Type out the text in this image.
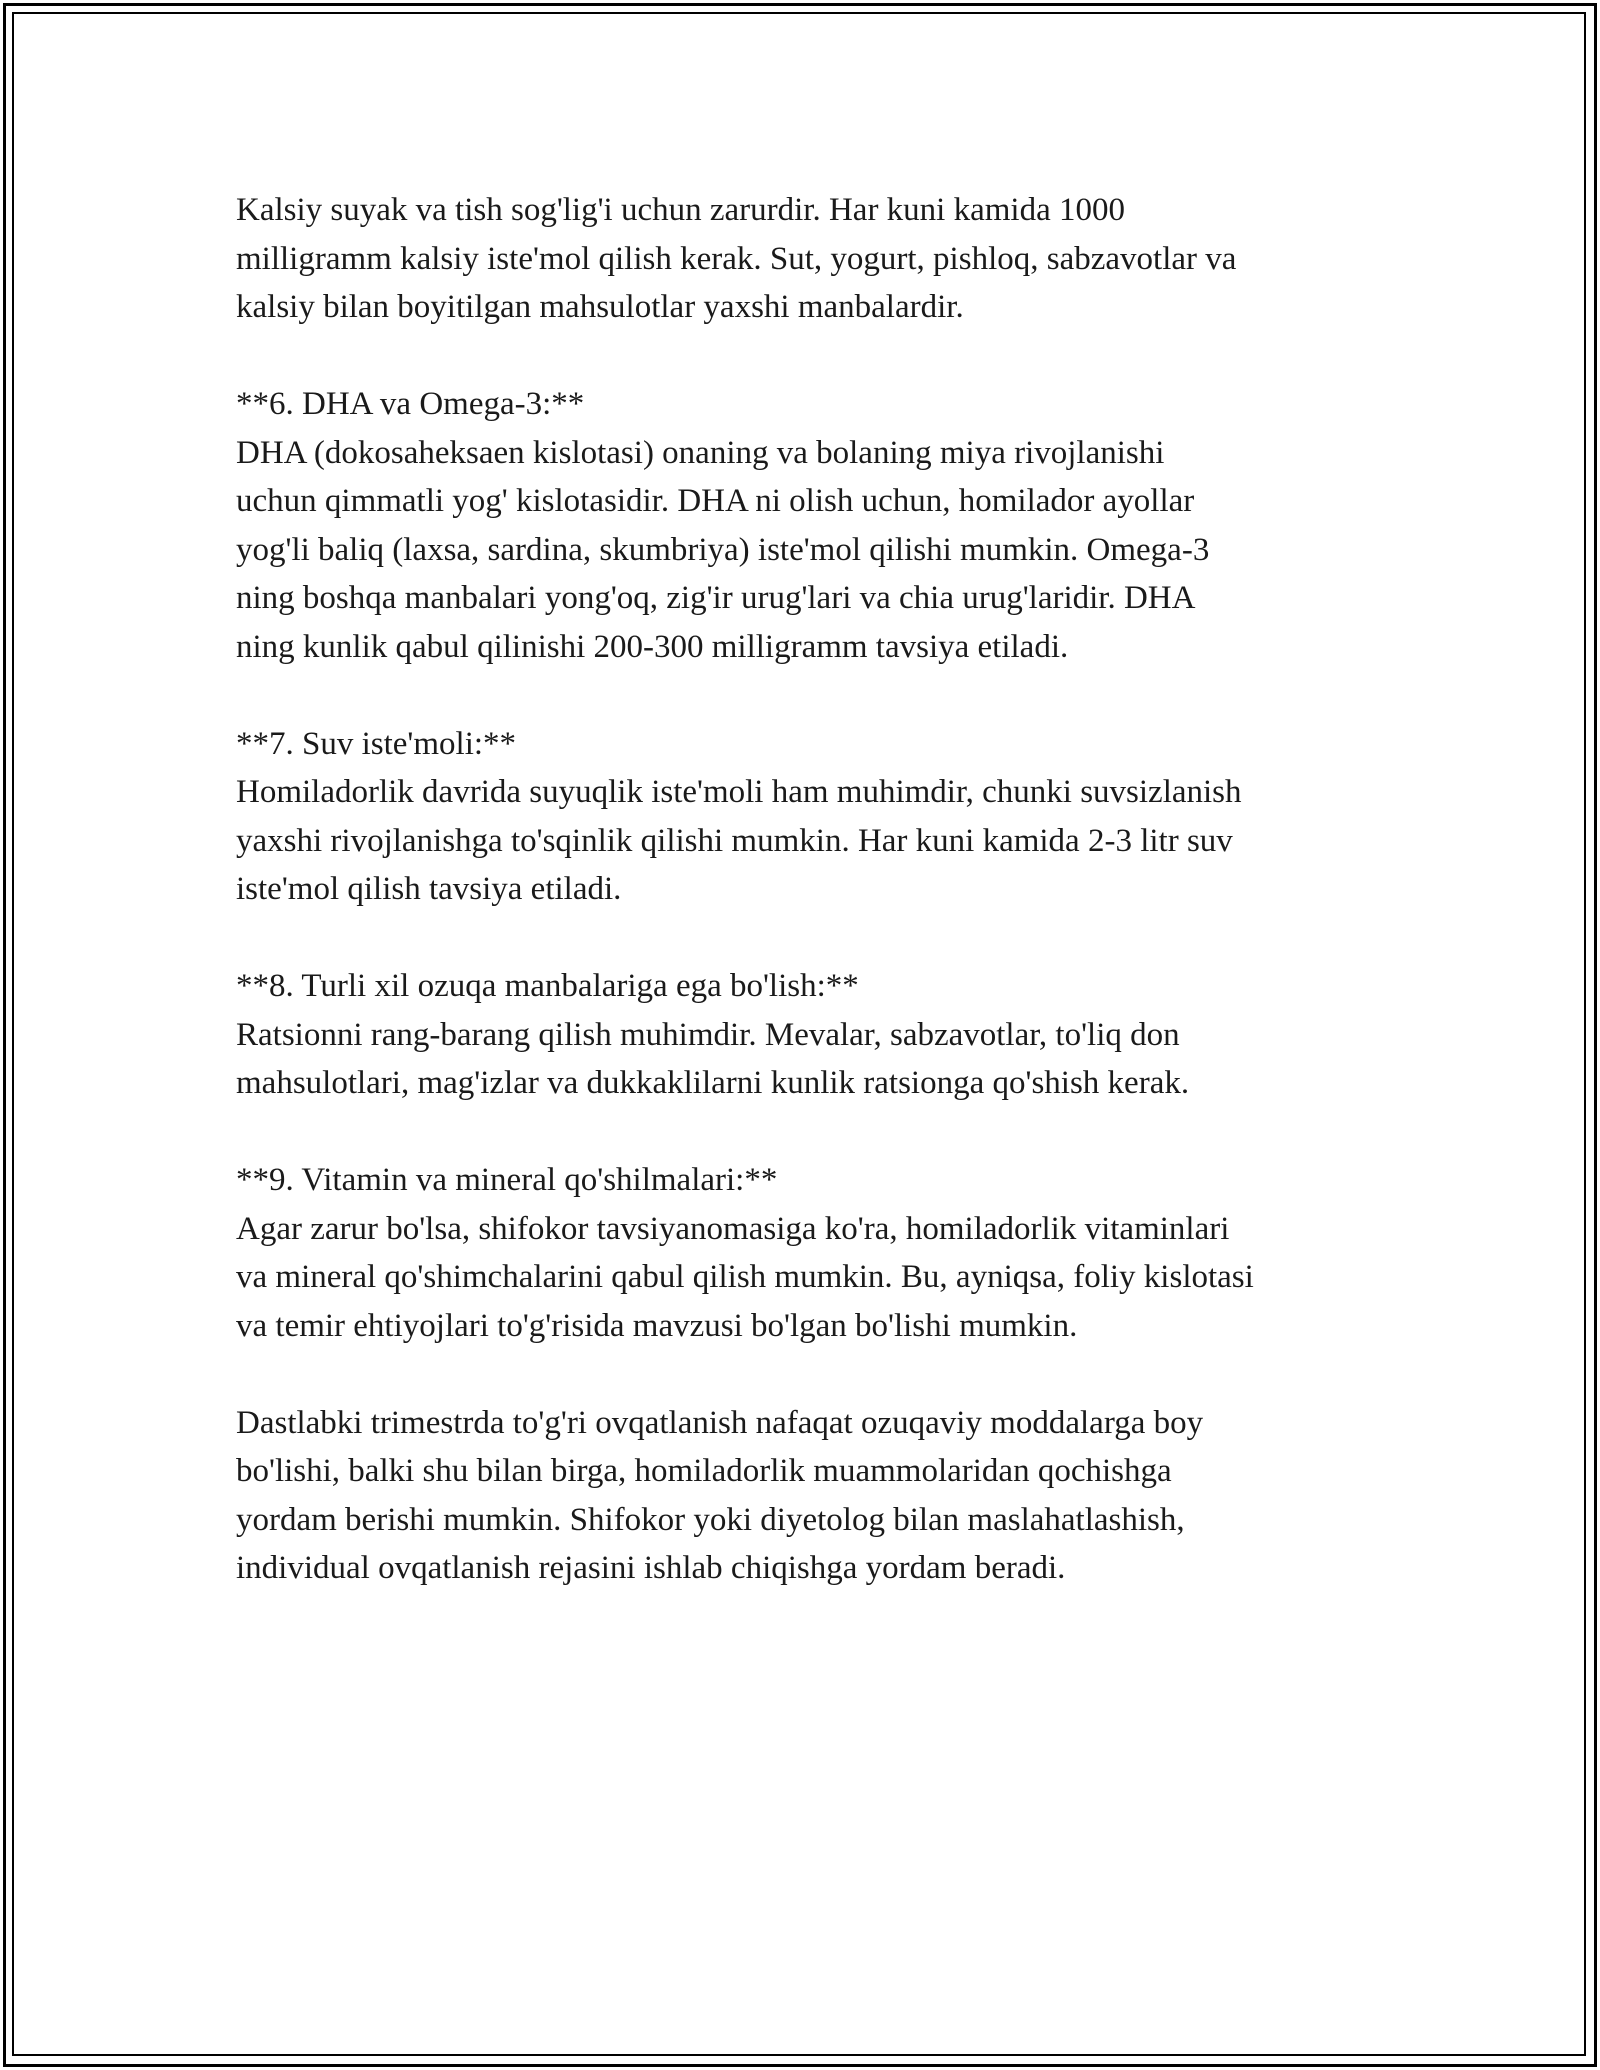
Kalsiy suyak va tish sog'lig'i uchun zarurdir. Har kuni kamida 1000
milligramm kalsiy iste'mol qilish kerak. Sut, yogurt, pishloq, sabzavotlar va
kalsiy bilan boyitilgan mahsulotlar yaxshi manbalardir.

**6. DHA va Omega-3:**

DHA (dokosaheksaen kislotasi) onaning va bolaning miya rivojlanishi
uchun qimmatli yog' kislotasidir. DHA ni olish uchun, homilador ayollar
yog'li baliq (laxsa, sardina, skumbriya) iste'mol qilishi mumkin. Omega-3
ning boshqa manbalari yong'oq, zig'ir urug'lari va chia urug'laridir. DHA
ning kunlik qabul qilinishi 200-300 milligramm tavsiya etiladi.

**7. Suv iste'moli:**

Homiladorlik davrida suyuqlik iste'moli ham muhimdir, chunki suvsizlanish
yaxshi rivojlanishga to'sqinlik qilishi mumkin. Har kuni kamida 2-3 litr suv
iste'mol qilish tavsiya etiladi.

**8. Turli xil ozuqa manbalariga ega bo'lish:**

Ratsionni rang-barang qilish muhimdir. Mevalar, sabzavotlar, to'liq don
mahsulotlari, mag'izlar va dukkaklilarni kunlik ratsionga qo'shish kerak.

**9. Vitamin va mineral qo'shilmalari:**

Agar zarur bo'lsa, shifokor tavsiyanomasiga ko'ra, homiladorlik vitaminlari
va mineral qo'shimchalarini qabul qilish mumkin. Bu, ayniqsa, foliy kislotasi
va temir ehtiyojlari to'g'risida mavzusi bo'lgan bo'lishi mumkin.

Dastlabki trimestrda to'g'ri ovqatlanish nafaqat ozuqaviy moddalarga boy
bo'lishi, balki shu bilan birga, homiladorlik muammolaridan qochishga
yordam berishi mumkin. Shifokor yoki diyetolog bilan maslahatlashish,
individual ovqatlanish rejasini ishlab chiqishga yordam beradi.
